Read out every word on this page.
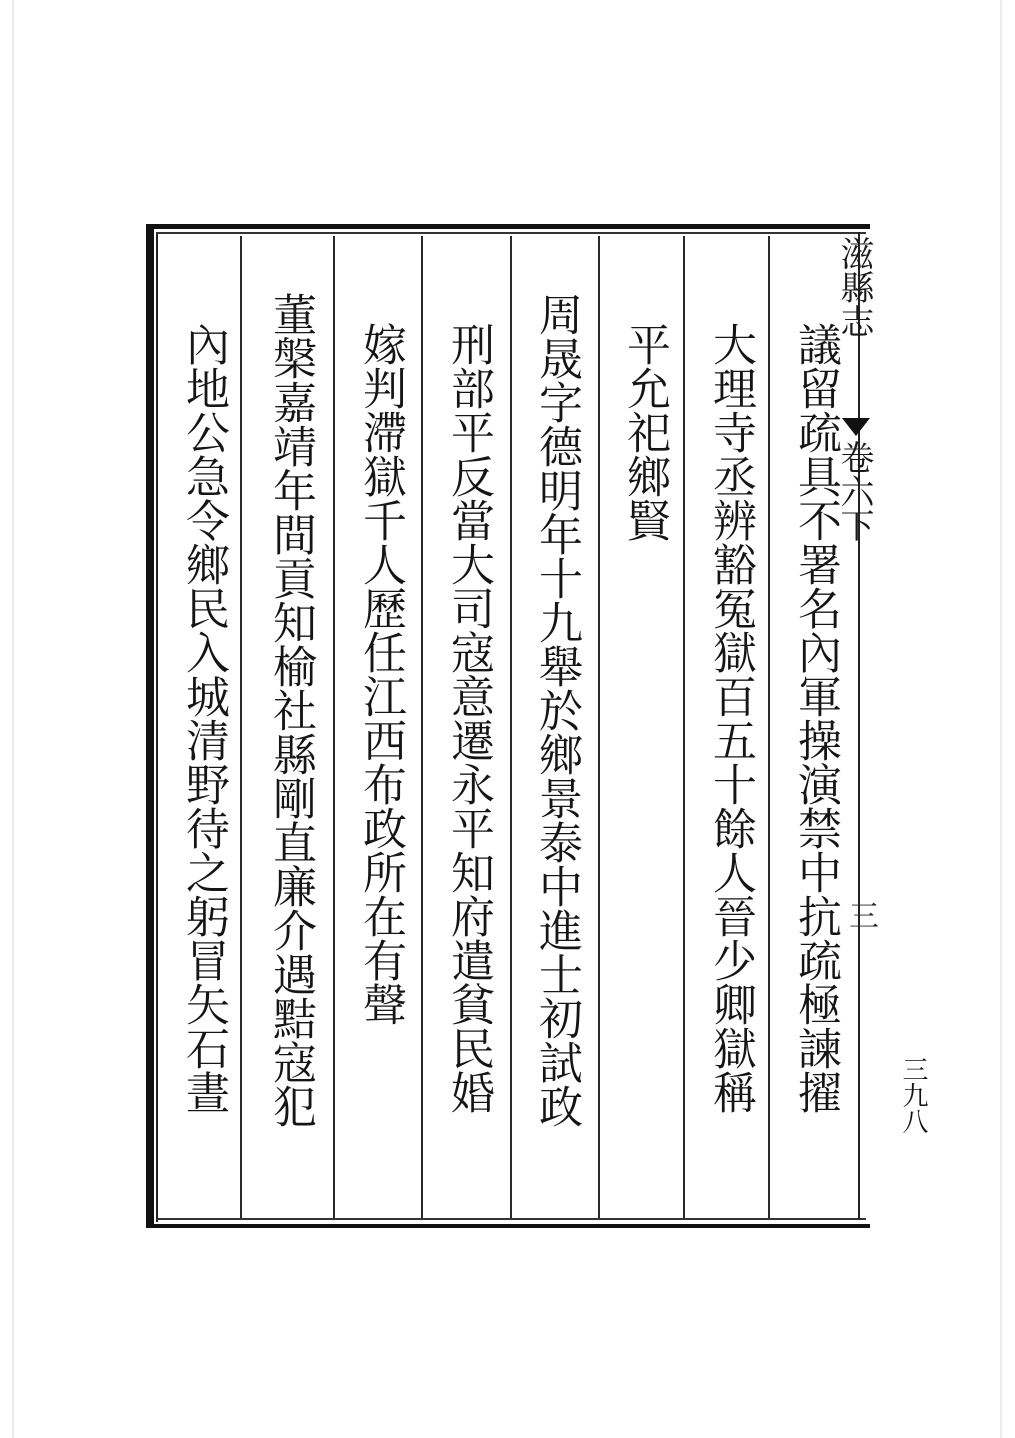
滋縣志
卷六下
三
議留疏具不署名內軍操演禁中抗疏極諫擢
大理寺丞辨豁冤獄百五十餘人晉少卿獄稱
平允祀鄉賢
周晟字德明年十九舉於鄉景泰中進士初試政
刑部平反當大司寇意遷永平知府遣貧民婚
嫁判滯獄千人歷任江西布政所在有聲
董槃嘉靖年間貢知榆社縣剛直廉介遇黠寇犯
內地公急令鄉民入城清野待之躬冒矢石晝	三九八
